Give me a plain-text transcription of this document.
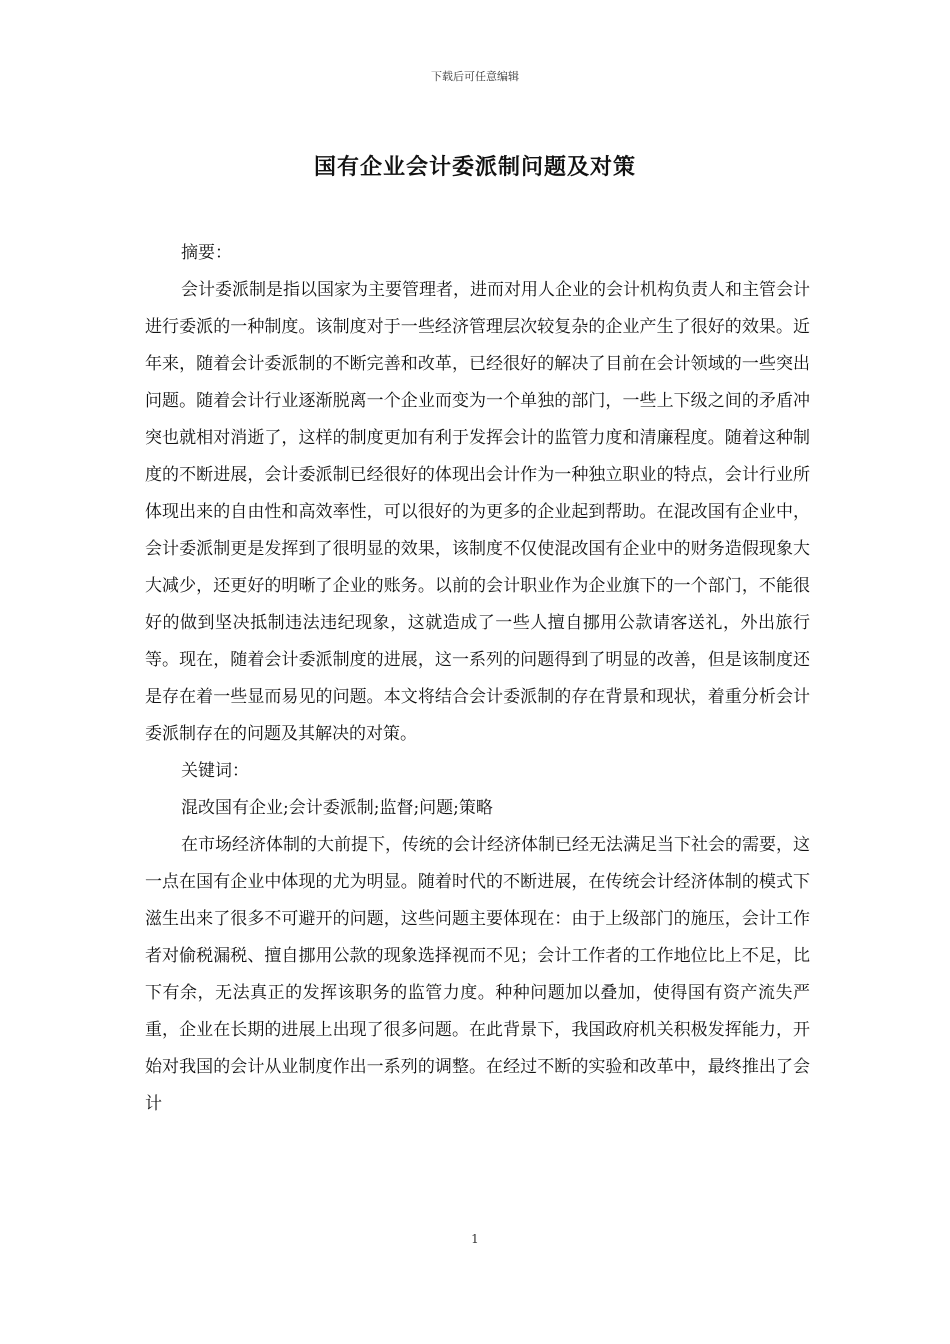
下载后可任意编辑
国有企业会计委派制问题及对策

摘要：

会计委派制是指以国家为主要管理者，进而对用人企业的会计机构负责人和主管会计进行委派的一种制度。该制度对于一些经济管理层次较复杂的企业产生了很好的效果。近年来，随着会计委派制的不断完善和改革，已经很好的解决了目前在会计领域的一些突出问题。随着会计行业逐渐脱离一个企业而变为一个单独的部门，一些上下级之间的矛盾冲突也就相对消逝了，这样的制度更加有利于发挥会计的监管力度和清廉程度。随着这种制度的不断进展，会计委派制已经很好的体现出会计作为一种独立职业的特点，会计行业所体现出来的自由性和高效率性，可以很好的为更多的企业起到帮助。在混改国有企业中，会计委派制更是发挥到了很明显的效果，该制度不仅使混改国有企业中的财务造假现象大大减少，还更好的明晰了企业的账务。以前的会计职业作为企业旗下的一个部门，不能很好的做到坚决抵制违法违纪现象，这就造成了一些人擅自挪用公款请客送礼，外出旅行等。现在，随着会计委派制度的进展，这一系列的问题得到了明显的改善，但是该制度还是存在着一些显而易见的问题。本文将结合会计委派制的存在背景和现状，着重分析会计委派制存在的问题及其解决的对策。

关键词：

混改国有企业;会计委派制;监督;问题;策略

在市场经济体制的大前提下，传统的会计经济体制已经无法满足当下社会的需要，这一点在国有企业中体现的尤为明显。随着时代的不断进展，在传统会计经济体制的模式下滋生出来了很多不可避开的问题，这些问题主要体现在：由于上级部门的施压，会计工作者对偷税漏税、擅自挪用公款的现象选择视而不见；会计工作者的工作地位比上不足，比下有余，无法真正的发挥该职务的监管力度。种种问题加以叠加，使得国有资产流失严重，企业在长期的进展上出现了很多问题。在此背景下，我国政府机关积极发挥能力，开始对我国的会计从业制度作出一系列的调整。在经过不断的实验和改革中，最终推出了会计

1
